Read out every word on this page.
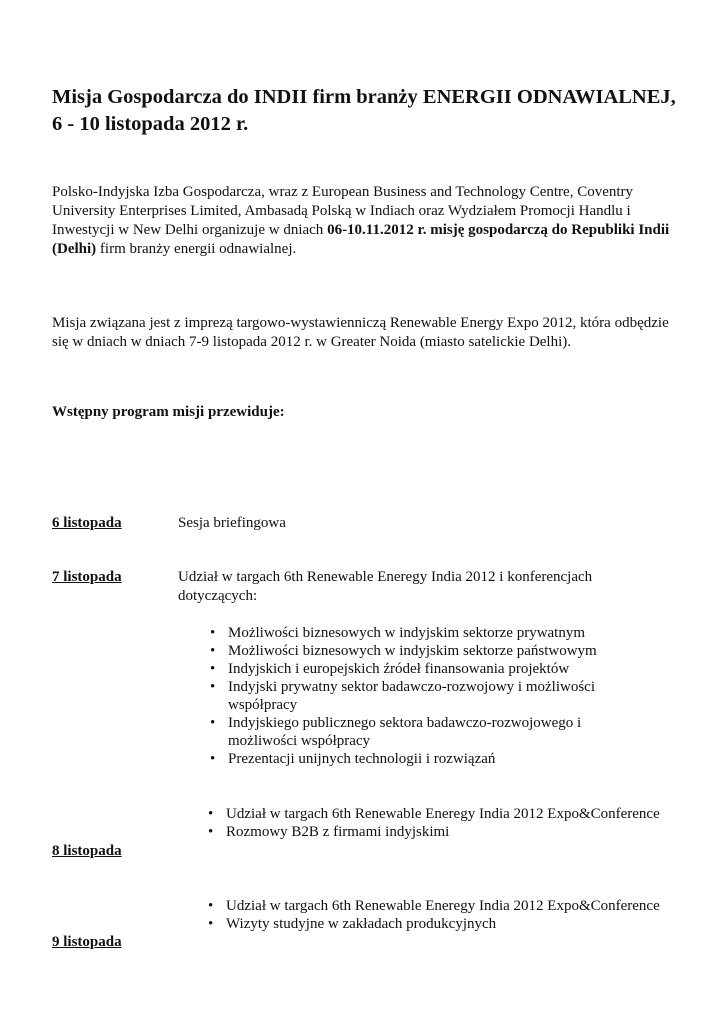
Misja Gospodarcza do INDII firm branży ENERGII ODNAWIALNEJ, 6 - 10 listopada 2012 r.

Polsko-Indyjska Izba Gospodarcza, wraz z European Business and Technology Centre, Coventry University Enterprises Limited, Ambasadą Polską w Indiach oraz Wydziałem Promocji Handlu i Inwestycji w New Delhi organizuje w dniach 06-10.11.2012 r. misję gospodarczą do Republiki Indii (Delhi) firm branży energii odnawialnej.

Misja związana jest z imprezą targowo-wystawienniczą Renewable Energy Expo 2012, która odbędzie się w dniach w dniach 7-9 listopada 2012 r. w Greater Noida (miasto satelickie Delhi).

Wstępny program misji przewiduje:

6 listopada	Sesja briefingowa

7 listopada	Udział w targach 6th Renewable Eneregy India 2012 i konferencjach dotyczących:

• Możliwości biznesowych w indyjskim sektorze prywatnym
• Możliwości biznesowych w indyjskim sektorze państwowym
• Indyjskich i europejskich źródeł finansowania projektów
• Indyjski prywatny sektor badawczo-rozwojowy i możliwości współpracy
• Indyjskiego publicznego sektora badawczo-rozwojowego i możliwości współpracy
• Prezentacji unijnych technologii i rozwiązań
• Udział w targach 6th Renewable Eneregy India 2012 Expo&Conference
• Rozmowy B2B z firmami indyjskimi

8 listopada

• Udział w targach 6th Renewable Eneregy India 2012 Expo&Conference
• Wizyty studyjne w zakładach produkcyjnych

9 listopada
